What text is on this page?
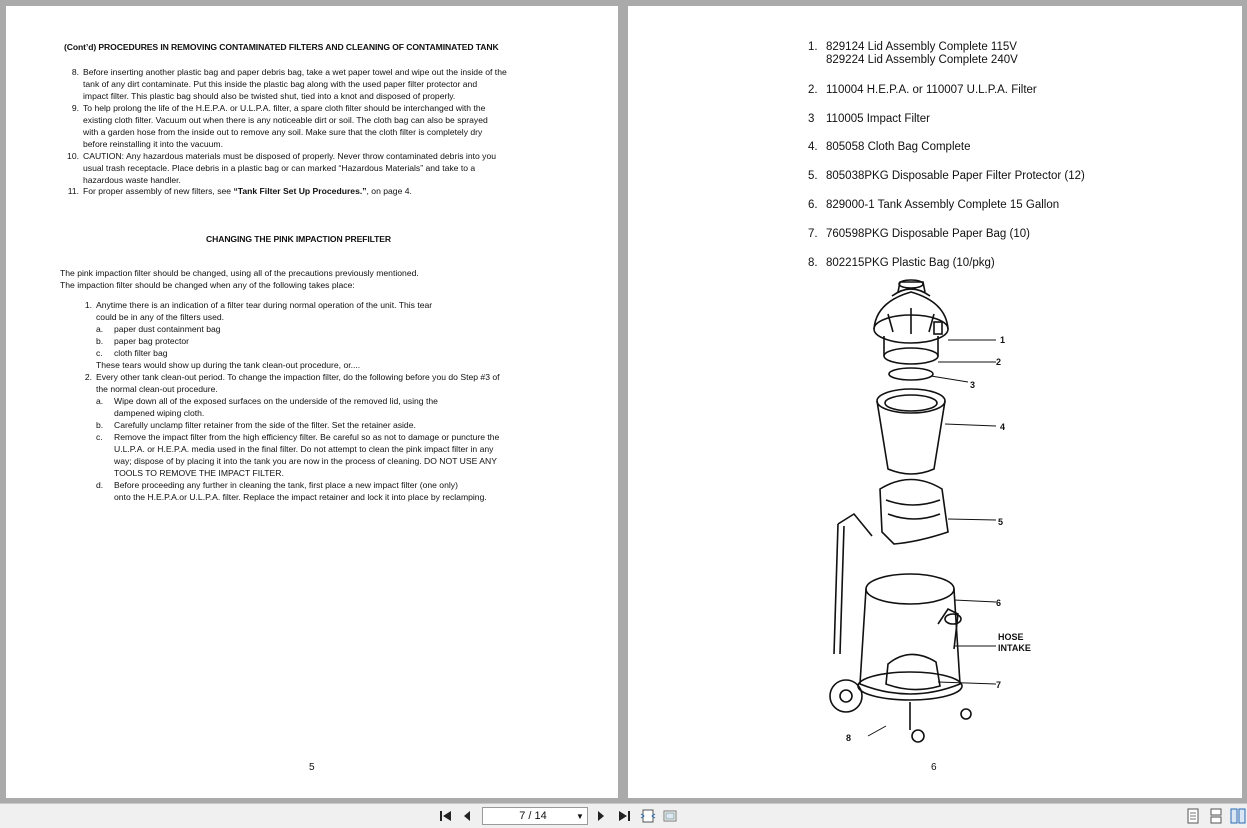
(Cont’d) PROCEDURES IN REMOVING CONTAMINATED FILTERS AND CLEANING OF CONTAMINATED TANK
8. Before inserting another plastic bag and paper debris bag, take a wet paper towel and wipe out the inside of the
tank of any dirt contaminate. Put this inside the plastic bag along with the used paper filter protector and
impact filter. This plastic bag should also be twisted shut, tied into a knot and disposed of properly.
9. To help prolong the life of the H.E.P.A. or U.L.P.A. filter, a spare cloth filter should be interchanged with the
existing cloth filter. Vacuum out when there is any noticeable dirt or soil. The cloth bag can also be sprayed
with a garden hose from the inside out to remove any soil. Make sure that the cloth filter is completely dry
before reinstalling it into the vacuum.
10. CAUTION: Any hazardous materials must be disposed of properly. Never throw contaminated debris into you
usual trash receptacle. Place debris in a plastic bag or can marked “Hazardous Materials” and take to a
hazardous waste handler.
11. For proper assembly of new filters, see “Tank Filter Set Up Procedures.”, on page 4.
CHANGING THE PINK IMPACTION PREFILTER
The pink impaction filter should be changed, using all of the precautions previously mentioned.
The impaction filter should be changed when any of the following takes place:
1. Anytime there is an indication of a filter tear during normal operation of the unit. This tear
could be in any of the filters used.
a.	paper dust containment bag
b.	paper bag protector
c.	cloth filter bag
These tears would show up during the tank clean-out procedure, or....
2. Every other tank clean-out period. To change the impaction filter, do the following before you do Step #3 of
the normal clean-out procedure.
a.	Wipe down all of the exposed surfaces on the underside of the removed lid, using the
dampened wiping cloth.
b.	Carefully unclamp filter retainer from the side of the filter. Set the retainer aside.
c.	Remove the impact filter from the high efficiency filter. Be careful so as not to damage or puncture the
U.L.P.A. or H.E.P.A. media used in the final filter. Do not attempt to clean the pink impact filter in any
way; dispose of by placing it into the tank you are now in the process of cleaning. DO NOT USE ANY
TOOLS TO REMOVE THE IMPACT FILTER.
d.	Before proceeding any further in cleaning the tank, first place a new impact filter (one only)
onto the H.E.P.A.or U.L.P.A. filter. Replace the impact retainer and lock it into place by reclamping.
5
1. 829124 Lid Assembly Complete 115V
829224 Lid Assembly Complete 240V
2. 110004 H.E.P.A. or 110007 U.L.P.A. Filter
3 110005 Impact Filter
4. 805058 Cloth Bag Complete
5. 805038PKG Disposable Paper Filter Protector (12)
6. 829000-1 Tank Assembly Complete 15 Gallon
7. 760598PKG Disposable Paper Bag (10)
8. 802215PKG Plastic Bag (10/pkg)
1
2
3
4
5
6
HOSE
INTAKE
7
8
6
7 / 14	▼
